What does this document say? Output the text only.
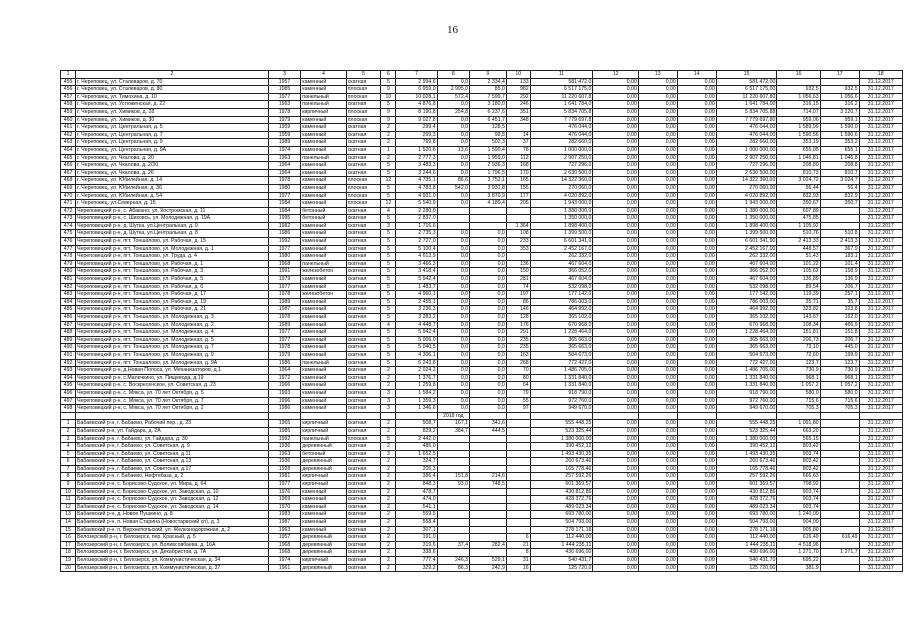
16
1	2	3	4	5	6	7	8	9	10	11	12	13	14	15	16	17	18
455	г. Череповец, ул. Сталеваров, д. 70	1957	каменный	скатная	5	2 994,6	0,0	2 334,4	133	581 472,0	0,00	0,00	0,00	581 472,00			31.12.2017
456	г. Череповец, ул. Сталеваров, д. 80	1985	каменный	плоская	9	6 959,0	2 995,0	85,0	982	6 517 175,0	0,00	0,00	0,00	6 517 175,00	932,5	932,5	31.12.2017
457	г. Череповец, ул. Тимохина, д. 10	1977	панельный	плоская	10	10 028,1	572,4	7 599,7	292	11 220 607,8	0,00	0,00	0,00	11 220 607,80	1 056,63	1 056,6	31.12.2017
458	г. Череповец, ул. Устюженская, д. 22	1963	панельный	скатная	5	4 876,8	0,0	3 180,0	246	1 641 784,0	0,00	0,00	0,00	1 641 784,00	316,15	316,2	31.12.2017
459	г. Череповец, ул. Химиков, д. 28	1978	кирпичный	плоская	9	8 190,8	254,8	6 237,6	351	5 834 705,8	0,00	0,00	0,00	5 834 705,88	714,07	3 220,7	31.12.2017
460	г. Череповец, ул. Химиков, д. 30	1979	каменный	плоская	9	9 027,8	0,0	6 451,7	348	7 779 697,8	0,00	0,00	0,00	7 779 697,80	959,06	959,1	31.12.2017
461	г. Череповец, ул. Центральная, д. 5	1959	каменный	скатная	2	299,4	0,0	128,5		476 044,0	0,00	0,00	0,00	476 044,00	1 589,99	1 590,0	31.12.2017
462	г. Череповец, ул. Центральная, д. 7	1959	каменный	скатная	2	299,3	0,0	99,8	14	476 044,0	0,00	0,00	0,00	476 044,00	1 590,56	1 590,6	31.12.2017
463	г. Череповец, ул. Центральная, д. 9	1989	каменный	скатная	2	799,8	0,0	502,3	37	282 660,0	0,00	0,00	0,00	282 660,00	353,19	353,2	31.12.2017
464	г. Череповец, ул. Центральная, д. 9А	1974	каменный	скатная	1	1 520,6	13,6	1 590,4	78	1 000 000,0	0,00	0,00	0,00	1 000 000,00	655,05	655,1	31.12.2017
465	г. Череповец, ул. Чкалова, д. 20	1963	панельный	скатная	2	2 777,3	0,0	1 959,0	112	2 907 250,0	0,00	0,00	0,00	2 907 250,00	1 046,81	1 046,8	31.12.2017
466	г. Череповец, ул. Чкалова, д. 2/30	1964	каменный	скатная	5	3 483,3	0,0	2 936,3	168	727 296,0	0,00	0,00	0,00	727 296,00	208,80	208,8	31.12.2017
467	г. Череповец, ул. Чкалова, д. 26	1964	каменный	скатная	5	3 244,6	0,0	1 796,5	170	2 630 500,0	0,00	0,00	0,00	2 630 500,00	810,73	810,7	31.12.2017
468	г. Череповец, ул. Юбилейная, д. 14	1978	каменный	плоская	12	4 735,1	86,6	3 752,1	165	14 322 360,0	0,00	0,00	0,00	14 322 360,00	3 024,72	3 024,7	31.12.2017
469	г. Череповец, ул. Юбилейная, д. 36	1980	каменный	плоская	5	4 783,8	542,0	3 931,8	155	270 060,0	0,00	0,00	0,00	270 060,00	56,44	56,4	31.12.2017
470	г. Череповец, ул. Юбилейная, д. 54	1977	каменный	плоская	5	4 931,0	0,0	3 870,9	177	4 020 892,0	0,00	0,00	0,00	4 020 892,00	832,93	832,9	31.12.2017
471	г. Череповец, ул.Северная, д. 15	1984	каменный	плоская	12	5 540,9	0,0	4 180,4	205	1 943 000,0	0,00	0,00	0,00	1 943 000,00	350,67	350,7	31.12.2017
472	Череповецкий р-н, с. Абакано, ул. Костромская, д. 11	1984	бетонный	скатная	4	2 280,0				1 380 000,0	0,00	0,00	0,00	1 380 000,00	607,89		31.12.2017
473	Череповецкий р-н, с. Шиховсь, ул. Молодежная, д. 19А	1995	бетонный	скатная	5	2 837,0				1 350 000,0	0,00	0,00	0,00	1 350 000,00	475,85		31.12.2017
474	Череповецкий р-н, д. Шутка, ул.Центральная, д. 9	1982	каменный	скатная	3	1 716,6			1 364	1 898 400,0	0,00	0,00	0,00	1 898 400,00	1 105,92		31.12.2017
475	Череповецкий р-н, д. Шутка, ул.Центральная, д. 8	1986	каменный	скатная	5	2 735,3	0,0	0,0	108	1 399 500,0	0,00	0,00	0,00	1 399 500,00	510,76	510,8	31.12.2017
476	Череповецкий р-н, пгт. Тоншалово, ул. Рабочая, д. 15	1992	каменный	скатная	5	2 727,0	0,0	0,0	233	6 601 341,9	0,00	0,00	0,00	6 601 341,90	2 413,33	2 413,3	31.12.2017
477	Череповецкий р-н, пгт. Тоншалово, ул. Молодежная, д. 1	1977	каменный	скатная	5	5 100,4	0,0	0,0	353	2 452 167,0	0,00	0,00	0,00	2 452 167,00	448,57	367,9	31.12.2017
478	Череповецкий р-н, пгт. Тоншалово, ул. Труда, д. 4	1980	каменный	скатная	5	4 613,9	0,0	0,0		262 332,0	0,00	0,00	0,00	262 332,00	51,43	183,1	31.12.2017
479	Череповецкий р-н, пгт. Тоншалово, ул. Рабочая, д. 1	1968	панельный	скатная	5	3 466,3	0,0	0,0	136	467 604,0	0,00	0,00	0,00	467 604,00	101,22	101,4	31.12.2017
480	Череповецкий р-н, пгт. Тоншалово, ул. Рабочая, д. 3	1991	железобетон	скатная	5	3 418,4	0,0	0,0	150	366 052,0	0,00	0,00	0,00	366 052,00	105,62	158,9	31.12.2017
481	Череповецкий р-н, пгт. Тоншалово, ул. Рабочая, д. 5	1979	каменный	скатная	5	5 942,4	0,0	0,0	281	467 604,0	0,00	0,00	0,00	467 604,00	136,89	136,9	31.12.2017
482	Череповецкий р-н, пгт. Тоншалово, ул. Рабочая, д. 6	1977	каменный	скатная	5	1 483,7	0,0	0,0	74	532 098,0	0,00	0,00	0,00	532 098,00	89,54	206,7	31.12.2017
483	Череповецкий р-н, пгт. Тоншалово, ул. Рабочая, д. 17	1978	железобетон	скатная	5	4 960,1	0,0	0,0	197	177 142,0	0,00	0,00	0,00	177 142,00	119,39	257,1	31.12.2017
484	Череповецкий р-н, пгт. Тоншалово, ул. Рабочая, д. 19	1989	каменный	скатная	5	2 455,1	0,0	0,0	86	786 003,0	0,00	0,00	0,00	786 003,00	35,71	35,7	31.12.2017
485	Череповецкий р-н, пгт. Тоншалово, ул. Рабочая, д. 21	1987	каменный	скатная	5	3 236,3	0,0	0,0	146	464 992,0	0,00	0,00	0,00	464 992,00	323,82	323,8	31.12.2017
486	Череповецкий р-н, пгт. Тоншалово, ул. Молодежная, д. 3	1978	каменный	скатная	5	3 283,2	0,0	0,0	128	365 102,0	0,00	0,00	0,00	365 102,00	143,67	162,0	31.12.2017
487	Череповецкий р-н, пгт. Тоншалово, ул. Молодежная, д. 2	1989	каменный	скатная	4	4 448,7	0,0	0,0	176	670 968,0	0,00	0,00	0,00	670 968,00	108,34	466,9	31.12.2017
488	Череповецкий р-н, пгт. Тоншалово, ул. Молодежная, д. 4	1977	каменный	скатная	5	5 942,4	0,0	0,0	291	1 228 464,0	0,00	0,00	0,00	1 228 464,00	151,81	151,8	31.12.2017
489	Череповецкий р-н, пгт. Тоншалово, ул. Молодежная, д. 5	1977	каменный	скатная	5	5 006,0	0,0	0,0	235	365 663,0	0,00	0,00	0,00	365 663,00	206,73	206,7	31.12.2017
490	Череповецкий р-н, пгт. Тоншалово, ул. Молодежная, д. 7	1978	каменный	скатная	5	5 040,5	0,0	0,0	235	365 663,0	0,00	0,00	0,00	365 663,00	73,10	445,0	31.12.2017
491	Череповецкий р-н, пгт. Тоншалово, ул. Молодежная, д. 9	1979	каменный	скатная	5	4 306,1	0,0	0,0	163	504 673,0	0,00	0,00	0,00	504 673,00	72,60	199,9	31.12.2017
492	Череповецкий р-н, пгт. Тоншалово, ул. Молодежная, д. 9А	1986	панельный	скатная	5	6 243,8	0,0	0,0	268	772 427,0	0,00	0,00	0,00	772 427,00	123,7	123,7	31.12.2017
493	Череповецкий р-н, д.Новая Полоса, ул. Механизаторов, д.1	1964	каменный	скатная	2	2 024,2	0,0	0,0	70	1 486 705,0	0,00	0,00	0,00	1 486 705,00	730,9	730,9	31.12.2017
494	Череповецкий р-н, с.Малечкино, ул. Пищевода, д.19	1972	каменный	скатная	2	1 376,7	0,0	0,0	80	1 331 840,0	0,00	0,00	0,00	1 331 840,00	968,1	968,1	31.12.2017
495	Череповецкий р-н, с. Воскресенское, ул. Советская, д. 23	1966	каменный	скатная	2	1 259,8	0,0	0,0	64	1 331 840,0	0,00	0,00	0,00	1 331 840,00	1 057,2	1 057,2	31.12.2017
496	Череповецкий р-н, с. Мякса, ул. 70 лет Октября, д. 5	1993	каменный	скатная	3	1 584,2	0,0	0,0	79	918 790,0	0,00	0,00	0,00	918 790,00	580,0	580,0	31.12.2017
497	Череповецкий р-н, с. Мякса, ул. 70 лет Октября, д. 7	1996	каменный	скатная	3	1 359,3	0,0	0,0	55	972 760,0	0,00	0,00	0,00	972 760,00	715,6	715,6	31.12.2017
498	Череповецкий р-н, с. Мякса, ул. 70 лет Октября, д. 2	1986	каменный	скатная	3	1 346,6	0,0	0,0	97	949 670,0	0,00	0,00	0,00	949 670,00	705,3	705,3	31.12.2017
							2018 год										
1	Бабаевский р-н, г. Бабаево, Рабочий пер., д. 23	1965	кирпичный	скатная	2	508,7	167,1	341,6		555 448,25	0,00	0,00	0,00	555 448,25	1 091,80		31.12.2017
2	Бабаевский р-н, ул. Гайдара, д. 2А	1985	кирпичный	скатная	2	829,2	384,7	444,5		523 325,44	0,00	0,00	0,00	523 325,44	663,20		31.12.2017
3	Бабаевский р-н, г. Бабаево, ул. Гайдара, д. 30	1992	панельный	плоская	5	2 442,0				1 380 000,00	0,00	0,00	0,00	1 380 000,00	565,15		31.12.2017
4	Бабаевский р-н, г. Бабаево, ул. Советская, д. 9	1936	деревянный	скатная	2	486,0				390 452,12	0,00	0,00	0,00	390 452,12	803,42		31.12.2017
5	Бабаевский р-н, г. Бабаево, ул. Советская, д.11	1963	бетонный	скатная	3	1 652,5				1 493 430,35	0,00	0,00	0,00	1 493 430,35	903,74		31.12.2017
6	Бабаевский р-н, г. Бабаево, ул. Советская, д.13	1936	деревянный	скатная	2	324,7				260 673,46	0,00	0,00	0,00	260 673,46	803,42		31.12.2017
7	Бабаевский р-н, г. Бабаево, ул. Советская, д.17	1928	деревянный	скатная	2	205,3				165 778,46	0,00	0,00	0,00	165 778,46	803,42		31.12.2017
8	Бабаевский р-н, г. Бабаево, Нефтебаза, д. 2	1981	кирпичный	скатная	2	386,4	151,8	214,6		257 592,26	0,00	0,00	0,00	257 592,26	666,63		31.12.2017
9	Бабаевский р-н, с. Борисово-Судское, ул. Мира, д. 64	1977	кирпичный	скатная	2	848,3	93,0	748,5		601 369,57	0,00	0,00	0,00	601 369,57	708,92		31.12.2017
10	Бабаевский р-н, с. Борисово-Судское, ул. Заводская, д. 10	1976	каменный	скатная	2	478,7				430 812,86	0,00	0,00	0,00	430 812,86	903,74		31.12.2017
11	Бабаевский р-н, с. Борисово-Судское, ул. Заводская, д. 12	1969	каменный	скатная	2	474,0				428 372,76	0,00	0,00	0,00	428 372,76	903,74		31.12.2017
12	Бабаевский р-н, с. Борисово-Судское, ул. Заводская, д. 14	1970	каменный	скатная	2	541,1				489 023,34	0,00	0,00	0,00	489 023,34	903,74		31.12.2017
13	Бабаевский р-н, д. Новое Пушкино, д. 8	1983	каменный	скатная	2	559,5				693 780,00	0,00	0,00	0,00	693 780,00	1 240,00		31.12.2017
14	Бабаевский р-н, п. Новая Старина (Новостарвский сп), д. 3	1987	каменный	скатная	2	558,4				504 793,00	0,00	0,00	0,00	504 793,00	904,00		31.12.2017
15	Бабаевский р-н, п. Верхнепопьский, ул. Железнодорожная, д. 2	1963	каменный	скатная	2	307,1				278 171,18	0,00	0,00	0,00	278 171,18	905,80		31.12.2017
16	Белозерский р-н, г. Белозерск, пер. Красный, д. 5	1957	деревянный	скатная	2	191,0			6	112 440,00	0,00	0,00	0,00	112 440,00	616,49	616,49	31.12.2017
17	Белозерский р-н, г. Белозерск, ул. Воливсовбаева, д. 16А	1968	деревянный	скатная	2	319,6	37,4	282,4	21	1 444 235,11	0,00	0,00	0,00	1 444 235,11	4 518,96		31.12.2017
18	Белозерский р-н, г. Белозерск, ул. Декабристов, д. 7А	1968	деревянный	скатная	2	338,6			8	430 696,00	0,00	0,00	0,00	430 696,00	1 271,70	1 271,7	31.12.2017
19	Белозерский р-н, г. Белозерск, ул. Коммунистическая, д. 34	1974	кирпичный	скатная	2	777,4	246,3	529,1	31	540 431,7	0,00	0,00	0,00	540 431,70	695,22		31.12.2017
20	Белозерский р-н, г. Белозерск, ул. Коммунистическая, д. 37	1961	деревянный	скатная	2	329,2	86,3	242,9	16	125 720,0	0,00	0,00	0,00	125 720,00	381,9		31.12.2017
